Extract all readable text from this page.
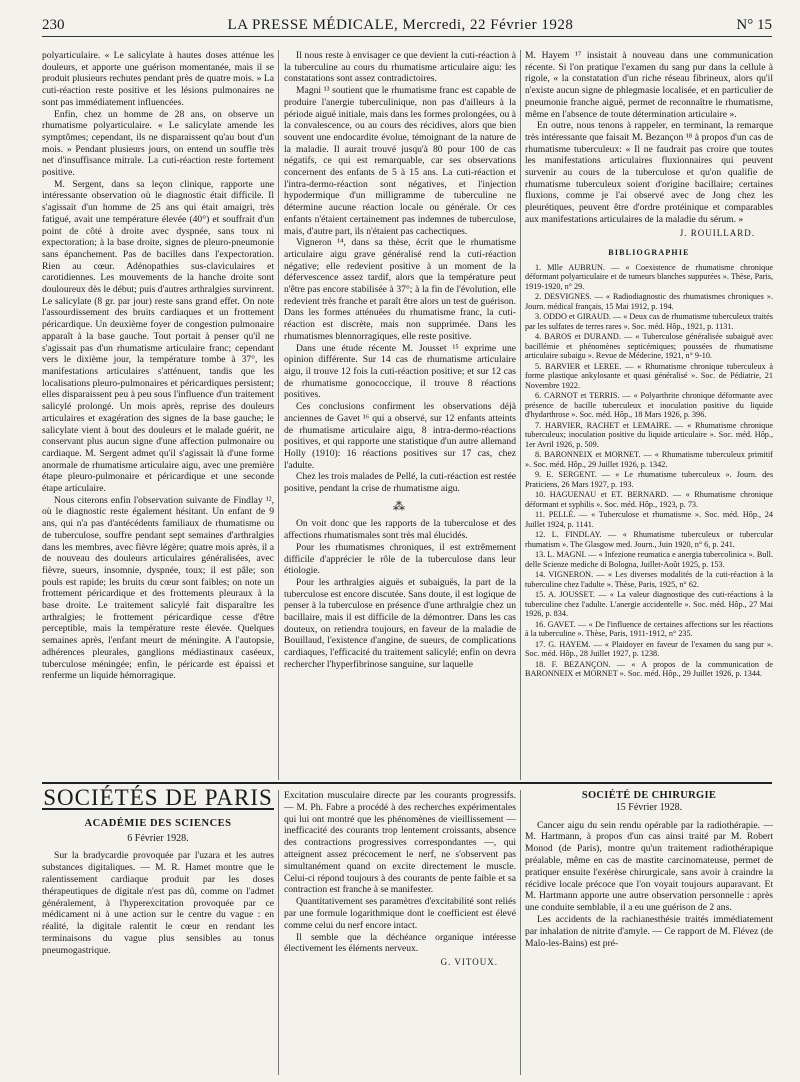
230	LA PRESSE MÉDICALE, Mercredi, 22 Février 1928	N° 15

polyarticulaire. « Le salicylate à hautes doses atténue les douleurs, et apporte une guérison momentanée, mais il se produit plusieurs rechutes pendant près de quatre mois. » La cuti-réaction reste positive et les lésions pulmonaires ne sont pas immédiatement influencées.

Enfin, chez un homme de 28 ans, on observe un rhumatisme polyarticulaire. « Le salicylate amende les symptômes; cependant, ils ne disparaissent qu'au bout d'un mois. » Pendant plusieurs jours, on entend un souffle très net d'insuffisance mitrale. La cuti-réaction reste fortement positive.

M. Sergent, dans sa leçon clinique, rapporte une intéressante observation où le diagnostic était difficile. Il s'agissait d'un homme de 25 ans qui était amaigri, très fatigué, avait une température élevée (40°) et souffrait d'un point de côté à droite avec dyspnée, sans toux ni expectoration; à la base droite, signes de pleuro-pneumonie sans épanchement. Pas de bacilles dans l'expectoration. Rien au cœur. Adénopathies sus-claviculaires et carotidiennes. Les mouvements de la hanche droite sont douloureux dès le début; puis d'autres arthralgies survinrent. Le salicylate (8 gr. par jour) reste sans grand effet. On note l'assourdissement des bruits cardiaques et un frottement péricardique. Un deuxième foyer de congestion pulmonaire apparaît à la base gauche. Tout portait à penser qu'il ne s'agissait pas d'un rhumatisme articulaire franc; cependant vers le dixième jour, la température tombe à 37°, les manifestations articulaires s'atténuent, tandis que les localisations pleuro-pulmonaires et péricardiques persistent; elles disparaissent peu à peu sous l'influence d'un traitement salicylé prolongé. Un mois après, reprise des douleurs articulaires et exagération des signes de la base gauche; le salicylate vient à bout des douleurs et le malade guérit, ne conservant plus aucun signe d'une affection pulmonaire ou cardiaque. M. Sergent admet qu'il s'agissait là d'une forme anormale de rhumatisme articulaire aigu, avec une première étape pleuro-pulmonaire et péricardique et une seconde étape articulaire.

Nous citerons enfin l'observation suivante de Findlay ¹², où le diagnostic reste également hésitant. Un enfant de 9 ans, qui n'a pas d'antécédents familiaux de rhumatisme ou de tuberculose, souffre pendant sept semaines d'arthralgies dans les membres, avec fièvre légère; quatre mois après, il a de nouveau des douleurs articulaires généralisées, avec fièvre, sueurs, insomnie, dyspnée, toux; il est pâle; son pouls est rapide; les bruits du cœur sont faibles; on note un frottement péricardique et des frottements pleuraux à la base droite. Le traitement salicylé fait disparaître les arthralgies; le frottement péricardique cesse d'être perceptible, mais la température reste élevée. Quelques semaines après, l'enfant meurt de méningite. A l'autopsie, adhérences pleurales, ganglions médiastinaux caséeux, tuberculose méningée; enfin, le péricarde est épaissi et renferme un liquide hémorragique.

Il nous reste à envisager ce que devient la cuti-réaction à la tuberculine au cours du rhumatisme articulaire aigu: les constatations sont assez contradictoires.

Magni ¹³ soutient que le rhumatisme franc est capable de produire l'anergie tuberculinique, non pas d'ailleurs à la période aiguë initiale, mais dans les formes prolongées, ou à la convalescence, ou au cours des récidives, alors que bien souvent une endocardite évolue, témoignant de la nature de la maladie. Il aurait trouvé jusqu'à 80 pour 100 de cas négatifs, ce qui est remarquable, car ses observations concernent des enfants de 5 à 15 ans. La cuti-réaction et l'intra-dermo-réaction sont négatives, et l'injection hypodermique d'un milligramme de tuberculine ne détermine aucune réaction locale ou générale. Or ces enfants n'étaient certainement pas indemnes de tuberculose, mais, d'autre part, ils n'étaient pas cachectiques.

Vigneron ¹⁴, dans sa thèse, écrit que le rhumatisme articulaire aigu grave généralisé rend la cuti-réaction négative; elle redevient positive à un moment de la défervescence assez tardif, alors que la température peut n'être pas encore stabilisée à 37°; à la fin de l'évolution, elle redevient très franche et paraît être alors un test de guérison. Dans les formes atténuées du rhumatisme franc, la cuti-réaction est discrète, mais non supprimée. Dans les rhumatismes blennorragiques, elle reste positive.

Dans une étude récente M. Jousset ¹⁵ exprime une opinion différente. Sur 14 cas de rhumatisme articulaire aigu, il trouve 12 fois la cuti-réaction positive; et sur 12 cas de rhumatisme gonococcique, il trouve 8 réactions positives.

Ces conclusions confirment les observations déjà anciennes de Gavet ¹⁶ qui a observé, sur 12 enfants atteints de rhumatisme articulaire aigu, 8 intra-dermo-réactions positives, et qui rapporte une statistique d'un autre allemand Holly (1910): 16 réactions positives sur 17 cas, chez l'adulte.

Chez les trois malades de Pellé, la cuti-réaction est restée positive, pendant la crise de rhumatisme aigu.

⁂

On voit donc que les rapports de la tuberculose et des affections rhumatismales sont très mal élucidés.

Pour les rhumatismes chroniques, il est extrêmement difficile d'apprécier le rôle de la tuberculose dans leur étiologie.

Pour les arthralgies aiguës et subaiguës, la part de la tuberculose est encore discutée. Sans doute, il est logique de penser à la tuberculose en présence d'une arthralgie chez un bacillaire, mais il est difficile de la démontrer. Dans les cas douteux, on retiendra toujours, en faveur de la maladie de Bouillaud, l'existence d'angine, de sueurs, de complications cardiaques, l'efficacité du traitement salicylé; enfin on devra rechercher l'hyperfibrinose sanguine, sur laquelle

M. Hayem ¹⁷ insistait à nouveau dans une communication récente. Si l'on pratique l'examen du sang pur dans la cellule à rigole, « la constatation d'un riche réseau fibrineux, alors qu'il n'existe aucun signe de phlegmasie localisée, et en particulier de pneumonie franche aiguë, permet de reconnaître le rhumatisme, même en l'absence de toute détermination articulaire ».

En outre, nous tenons à rappeler, en terminant, la remarque très intéressante que faisait M. Bezançon ¹⁸ à propos d'un cas de rhumatisme tuberculeux: « Il ne faudrait pas croire que toutes les manifestations articulaires fluxionnaires qui peuvent survenir au cours de la tuberculose et qu'on qualifie de rhumatisme tuberculeux soient d'origine bacillaire; certaines fluxions, comme je l'ai observé avec de Jong chez les pleurétiques, peuvent être d'ordre protéinique et comparables aux manifestations articulaires de la maladie du sérum. »

J. ROUILLARD.
BIBLIOGRAPHIE

1. Mlle AUBRUN. — « Coexistence de rhumatisme chronique déformant polyarticulaire et de tumeurs blanches suppurées ». Thèse, Paris, 1919-1920, n° 29.

2. DESVIGNES. — « Radiodiagnostic des rhumatismes chroniques ». Journ. médical français, 15 Mai 1912, p. 194.

3. ODDO et GIRAUD. — « Deux cas de rhumatisme tuberculeux traités par les sulfates de terres rares ». Soc. méd. Hôp., 1921, p. 1131.

4. BAROS et DURAND. — « Tuberculose généralisée subaiguë avec bacillémie et phénomènes septicémiques; poussées de rhumatisme articulaire subaigu ». Revue de Médecine, 1921, n° 9-10.

5. BARVIER et LEREE. — « Rhumatisme chronique tuberculeux à forme plastique ankylosante et quasi généralisé ». Soc. de Pédiatrie, 21 Novembre 1922.

6. CARNOT et TERRIS. — « Polyarthrite chronique déformante avec présence de bacille tuberculeux et inoculation positive du liquide d'hydarthrose ». Soc. méd. Hôp., 18 Mars 1926, p. 396.

7. HARVIER, RACHET et LEMAIRE. — « Rhumatisme chronique tuberculeux; inoculation positive du liquide articulaire ». Soc. méd. Hôp., 1er Avril 1926, p. 509.

8. BARONNEIX et MORNET. — « Rhumatisme tuberculeux primitif ». Soc. méd. Hôp., 29 Juillet 1926, p. 1342.

9. E. SERGENT. — « Le rhumatisme tuberculeux ». Journ. des Praticiens, 26 Mars 1927, p. 193.

10. HAGUENAU et ET. BERNARD. — « Rhumatisme chronique déformant et syphilis ». Soc. méd. Hôp., 1923, p. 73.

11. PELLÉ. — « Tuberculose et rhumatisme ». Soc. méd. Hôp., 24 Juillet 1924, p. 1141.

12. L. FINDLAY. — « Rhumatisme tuberculeux or tubercular rhumatism ». The Glasgow med. Journ., Juin 1920, n° 6, p. 241.

13. L. MAGNI. — « Infezione reumatica e anergia tubercolinica ». Bull. delle Scienze mediche di Bologna, Juillet-Août 1925, p. 153.

14. VIGNERON. — « Les diverses modalités de la cuti-réaction à la tuberculine chez l'adulte ». Thèse, Paris, 1925, n° 62.

15. A. JOUSSET. — « La valeur diagnostique des cuti-réactions à la tuberculine chez l'adulte. L'anergie accidentelle ». Soc. méd. Hôp., 27 Mai 1926, p. 834.

16. GAVET. — « De l'influence de certaines affections sur les réactions à la tuberculine ». Thèse, Paris, 1911-1912, n° 235.

17. G. HAYEM. — « Plaidoyer en faveur de l'examen du sang pur ». Soc. méd. Hôp., 28 Juillet 1927, p. 1238.

18. F. BEZANÇON. — « A propos de la communication de BARONNEIX et MORNET ». Soc. méd. Hôp., 29 Juillet 1926, p. 1344.

SOCIÉTÉS DE PARIS
ACADÉMIE DES SCIENCES
6 Février 1928.

Sur la bradycardie provoquée par l'uzara et les autres substances digitaliques. — M. R. Hamet montre que le ralentissement cardiaque produit par les doses thérapeutiques de digitale n'est pas dû, comme on l'admet généralement, à l'hyperexcitation provoquée par ce médicament ni à une action sur le centre du vague : en réalité, la digitale ralentit le cœur en rendant les terminaisons du vague plus sensibles au tonus pneumogastrique.

Excitation musculaire directe par les courants progressifs. — M. Ph. Fabre a procédé à des recherches expérimentales qui lui ont montré que les phénomènes de vieillissement — inefficacité des courants trop lentement croissants, absence des contractions progressives correspondantes —, qui atteignent assez précocement le nerf, ne s'observent pas simultanément quand on excite directement le muscle. Celui-ci répond toujours à des courants de pente faible et sa contraction est franche à se manifester.

Quantitativement ses paramètres d'excitabilité sont reliés par une formule logarithmique dont le coefficient est élevé comme celui du nerf encore intact.

Il semble que la déchéance organique intéresse électivement les éléments nerveux.

G. VITOUX.
SOCIÉTÉ DE CHIRURGIE
15 Février 1928.

Cancer aigu du sein rendu opérable par la radiothérapie. — M. Hartmann, à propos d'un cas ainsi traité par M. Robert Monod (de Paris), montre qu'un traitement radiothérapique préalable, même en cas de mastite carcinomateuse, permet de pratiquer ensuite l'exérèse chirurgicale, sans avoir à craindre la récidive locale précoce que l'on voyait toujours auparavant. Et M. Hartmann apporte une autre observation personnelle : après une conduite semblable, il a eu une guérison de 2 ans.

Les accidents de la rachianesthésie traités immédiatement par inhalation de nitrite d'amyle. — Ce rapport de M. Flévez (de Malo-les-Bains) est pré-
